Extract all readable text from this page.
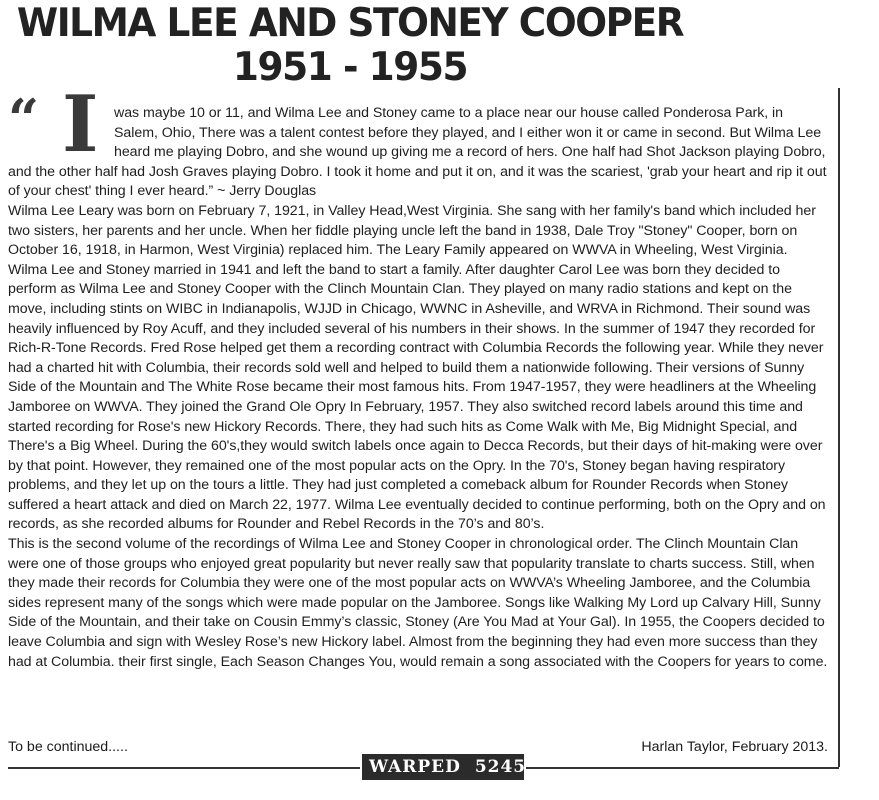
WILMA LEE AND STONEY COOPER
1951 - 1955
“ I	was maybe 10 or 11, and Wilma Lee and Stoney came to a place near our house called Ponderosa Park, in Salem, Ohio, There was a talent contest before they played, and I either won it or came in second. But Wilma Lee heard me playing Dobro, and she wound up giving me a record of hers. One half had Shot Jackson playing Dobro, and the other half had Josh Graves playing Dobro. I took it home and put it on, and it was the scariest, 'grab your heart and rip it out of your chest' thing I ever heard.” ~ Jerry Douglas

Wilma Lee Leary was born on February 7, 1921, in Valley Head,West Virginia. She sang with her family's band which included her two sisters, her parents and her uncle. When her fiddle playing uncle left the band in 1938, Dale Troy "Stoney" Cooper, born on October 16, 1918, in Harmon, West Virginia) replaced him. The Leary Family appeared on WWVA in Wheeling, West Virginia. Wilma Lee and Stoney married in 1941 and left the band to start a family. After daughter Carol Lee was born they decided to perform as Wilma Lee and Stoney Cooper with the Clinch Mountain Clan. They played on many radio stations and kept on the move, including stints on WIBC in Indianapolis, WJJD in Chicago, WWNC in Asheville, and WRVA in Richmond. Their sound was heavily influenced by Roy Acuff, and they included several of his numbers in their shows. In the summer of 1947 they recorded for Rich-R-Tone Records. Fred Rose helped get them a recording contract with Columbia Records the following year. While they never had a charted hit with Columbia, their records sold well and helped to build them a nationwide following. Their versions of Sunny Side of the Mountain and The White Rose became their most famous hits. From 1947-1957, they were headliners at the Wheeling Jamboree on WWVA. They joined the Grand Ole Opry In February, 1957. They also switched record labels around this time and started recording for Rose's new Hickory Records. There, they had such hits as Come Walk with Me, Big Midnight Special, and There's a Big Wheel. During the 60's,they would switch labels once again to Decca Records, but their days of hit-making were over by that point. However, they remained one of the most popular acts on the Opry. In the 70's, Stoney began having respiratory problems, and they let up on the tours a little. They had just completed a comeback album for Rounder Records when Stoney suffered a heart attack and died on March 22, 1977. Wilma Lee eventually decided to continue performing, both on the Opry and on records, as she recorded albums for Rounder and Rebel Records in the 70’s and 80’s.

This is the second volume of the recordings of Wilma Lee and Stoney Cooper in chronological order. The Clinch Mountain Clan were one of those groups who enjoyed great popularity but never really saw that popularity translate to charts success. Still, when they made their records for Columbia they were one of the most popular acts on WWVA’s Wheeling Jamboree, and the Columbia sides represent many of the songs which were made popular on the Jamboree. Songs like Walking My Lord up Calvary Hill, Sunny Side of the Mountain, and their take on Cousin Emmy’s classic, Stoney (Are You Mad at Your Gal). In 1955, the Coopers decided to leave Columbia and sign with Wesley Rose’s new Hickory label. Almost from the beginning they had even more success than they had at Columbia. their first single, Each Season Changes You, would remain a song associated with the Coopers for years to come.

To be continued.....	Harlan Taylor, February 2013.
WARPED 5245
